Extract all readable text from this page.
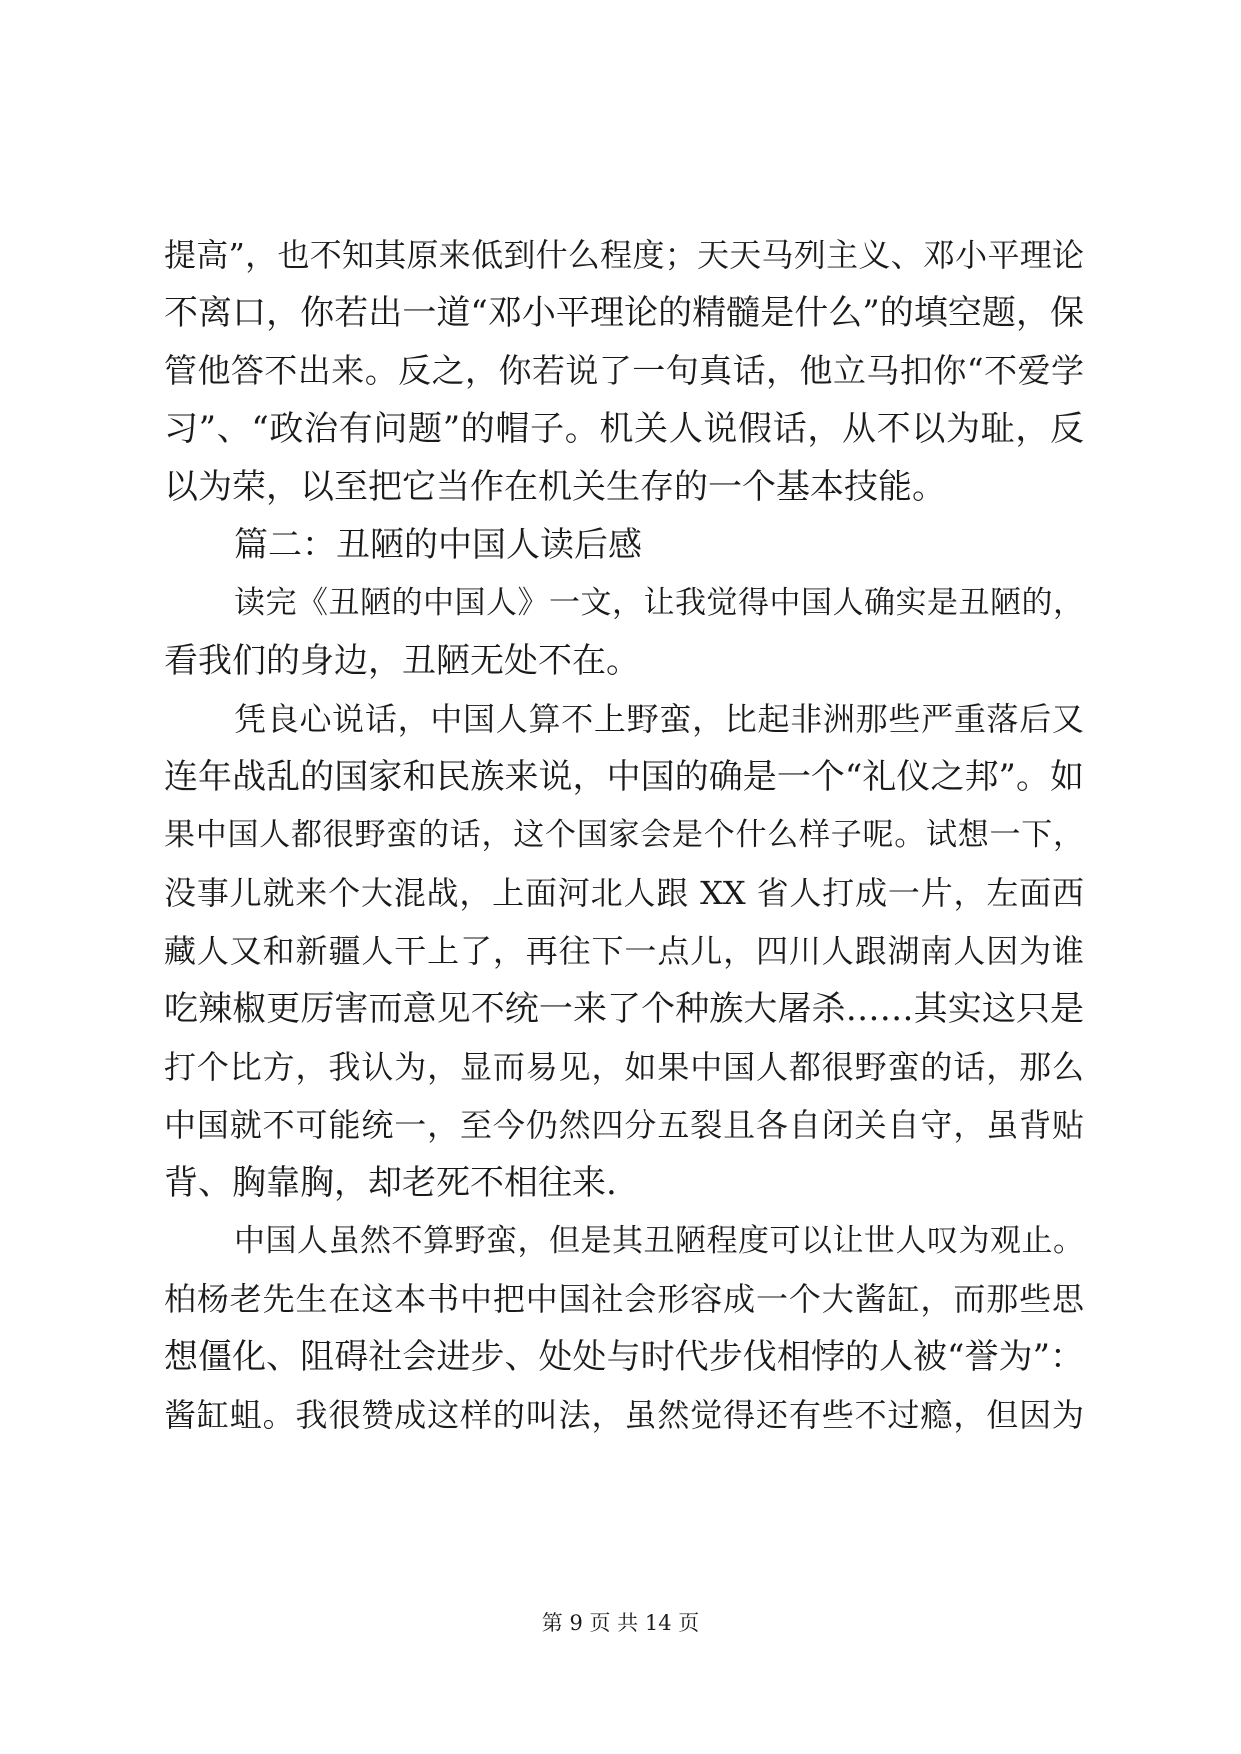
提高”，也不知其原来低到什么程度；天天马列主义、邓小平理论
不离口，你若出一道“邓小平理论的精髓是什么”的填空题，保
管他答不出来。反之，你若说了一句真话，他立马扣你“不爱学
习”、“政治有问题”的帽子。机关人说假话，从不以为耻，反
以为荣，以至把它当作在机关生存的一个基本技能。
篇二：丑陋的中国人读后感
读完《丑陋的中国人》一文，让我觉得中国人确实是丑陋的，
看我们的身边，丑陋无处不在。
凭良心说话，中国人算不上野蛮，比起非洲那些严重落后又
连年战乱的国家和民族来说，中国的确是一个“礼仪之邦”。如
果中国人都很野蛮的话，这个国家会是个什么样子呢。试想一下，
没事儿就来个大混战，上面河北人跟 XX 省人打成一片，左面西
藏人又和新疆人干上了，再往下一点儿，四川人跟湖南人因为谁
吃辣椒更厉害而意见不统一来了个种族大屠杀……其实这只是
打个比方，我认为，显而易见，如果中国人都很野蛮的话，那么
中国就不可能统一，至今仍然四分五裂且各自闭关自守，虽背贴
背、胸靠胸，却老死不相往来.
中国人虽然不算野蛮，但是其丑陋程度可以让世人叹为观止。
柏杨老先生在这本书中把中国社会形容成一个大酱缸，而那些思
想僵化、阻碍社会进步、处处与时代步伐相悖的人被“誉为”：
酱缸蛆。我很赞成这样的叫法，虽然觉得还有些不过瘾，但因为
第 9 页 共 14 页
